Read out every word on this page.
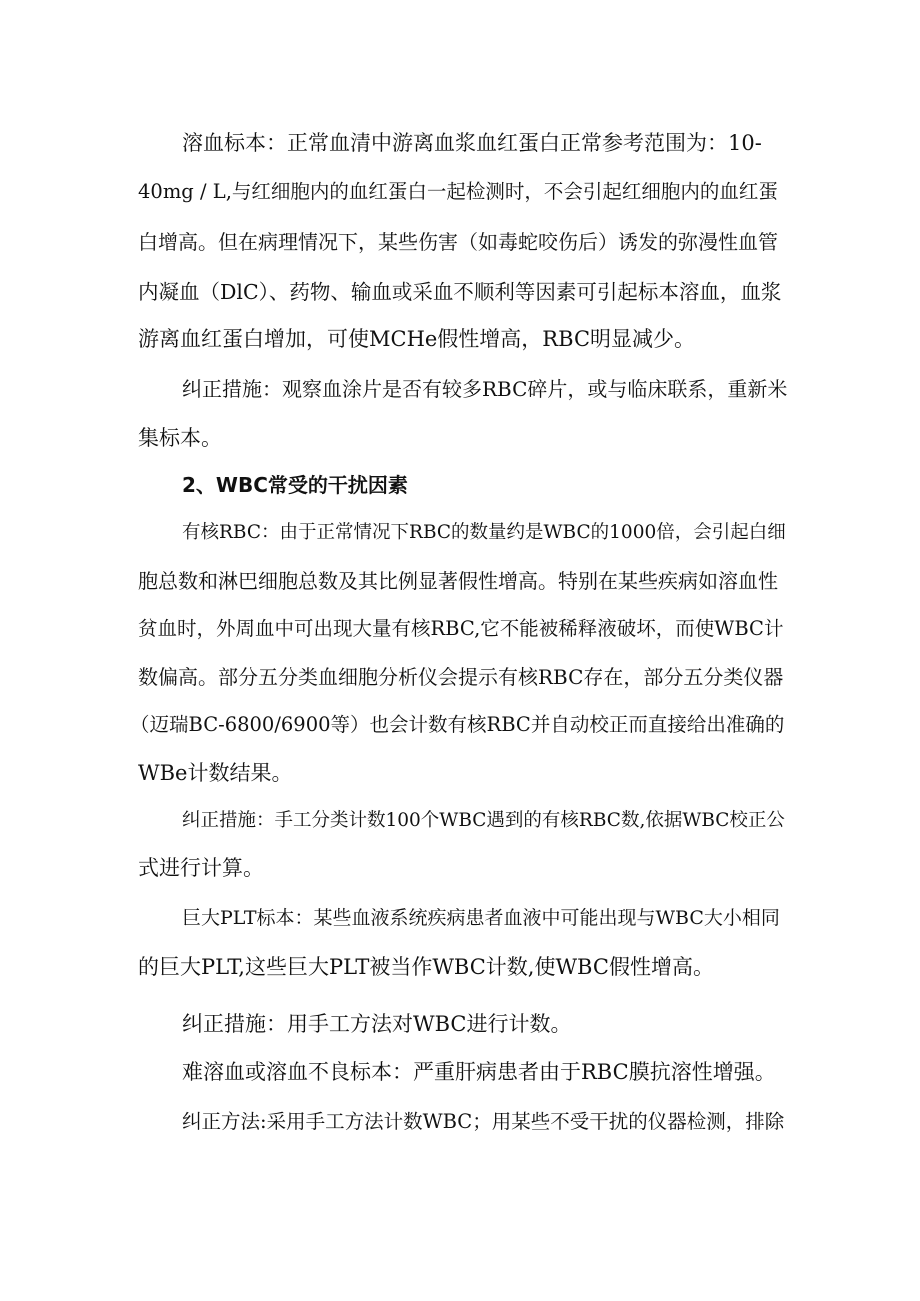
溶血标本：正常血清中游离血浆血红蛋白正常参考范围为：10-
40mg / L,与红细胞内的血红蛋白一起检测时，不会引起红细胞内的血红蛋
白增高。但在病理情况下，某些伤害（如毒蛇咬伤后）诱发的弥漫性血管
内凝血（DlC）、药物、输血或采血不顺利等因素可引起标本溶血，血浆
游离血红蛋白增加，可使MCHe假性增高，RBC明显减少。
纠正措施：观察血涂片是否有较多RBC碎片，或与临床联系，重新米
集标本。
2、WBC常受的干扰因素
有核RBC：由于正常情况下RBC的数量约是WBC的1000倍，会引起白细
胞总数和淋巴细胞总数及其比例显著假性增高。特别在某些疾病如溶血性
贫血时，外周血中可出现大量有核RBC,它不能被稀释液破坏，而使WBC计
数偏高。部分五分类血细胞分析仪会提示有核RBC存在，部分五分类仪器
（迈瑞BC-6800/6900等）也会计数有核RBC并自动校正而直接给出准确的
WBe计数结果。
纠正措施：手工分类计数100个WBC遇到的有核RBC数,依据WBC校正公
式进行计算。
巨大PLT标本：某些血液系统疾病患者血液中可能出现与WBC大小相同
的巨大PLT,这些巨大PLT被当作WBC计数,使WBC假性增高。
纠正措施：用手工方法对WBC进行计数。
难溶血或溶血不良标本：严重肝病患者由于RBC膜抗溶性增强。
纠正方法:采用手工方法计数WBC；用某些不受干扰的仪器检测，排除
